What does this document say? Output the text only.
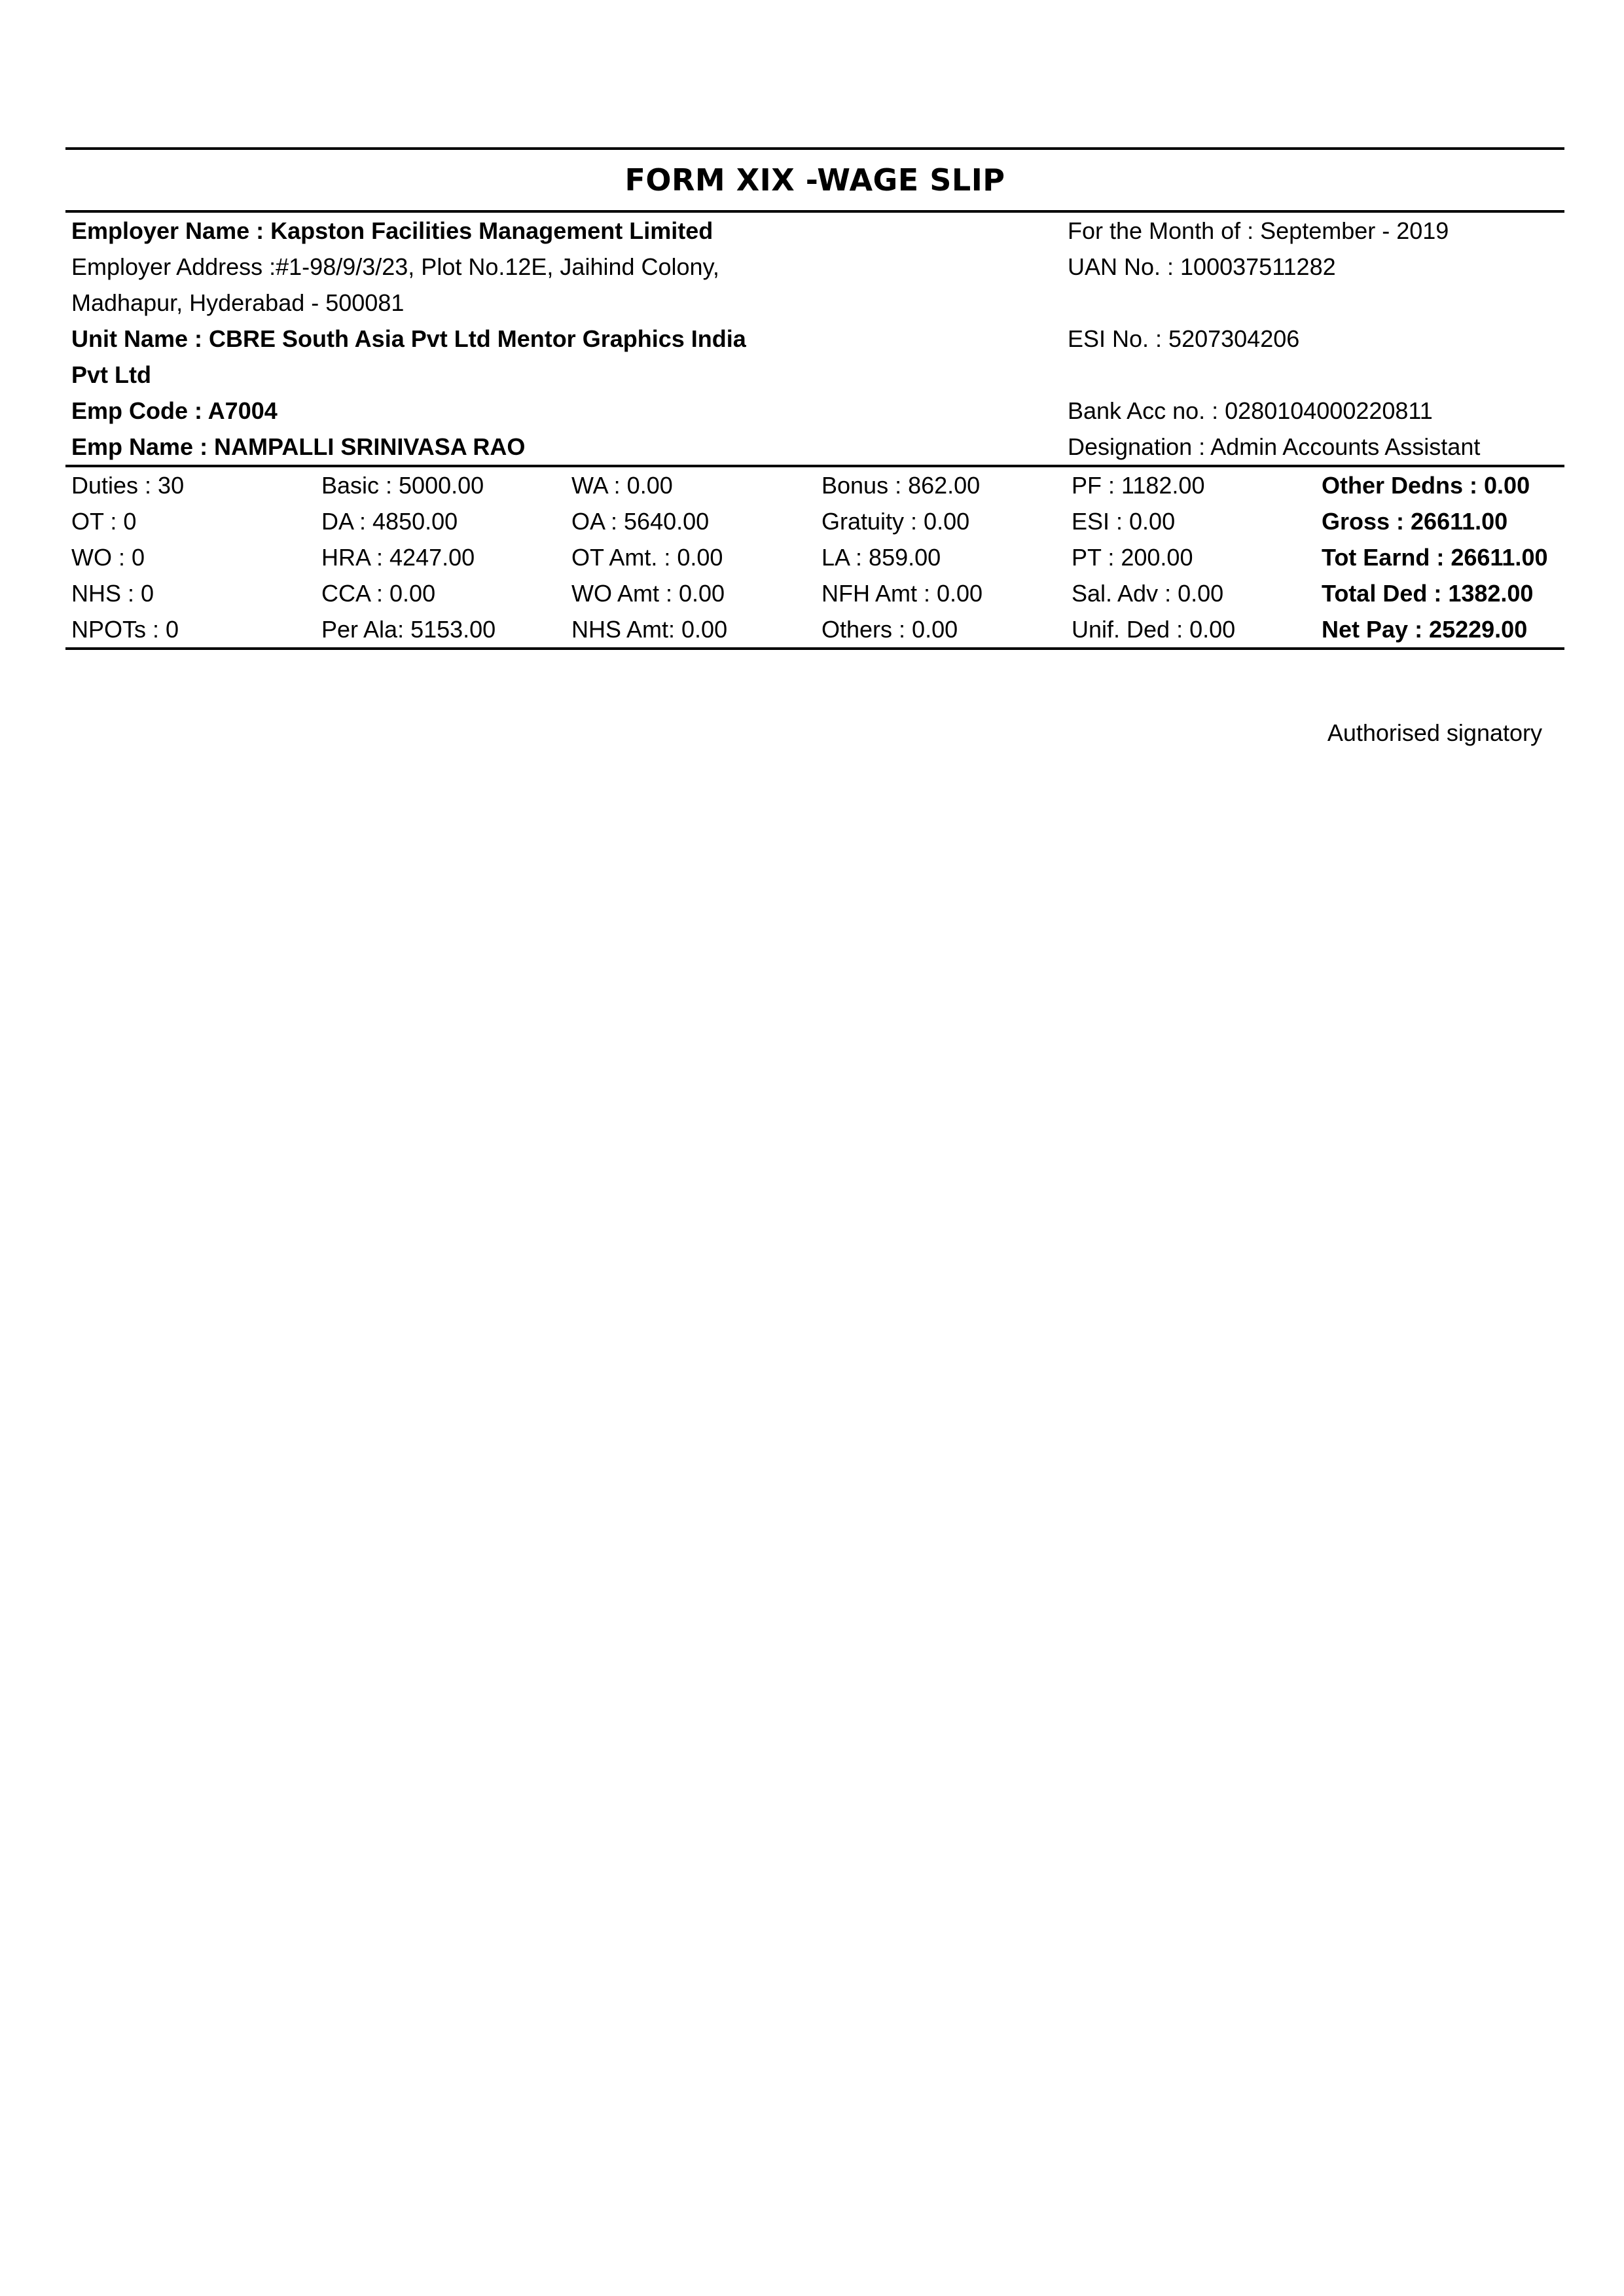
FORM XIX -WAGE SLIP
Employer Name : Kapston Facilities Management Limited	For the Month of : September - 2019
Employer Address :#1-98/9/3/23, Plot No.12E, Jaihind Colony,	UAN No. : 100037511282
Madhapur, Hyderabad - 500081
Unit Name : CBRE South Asia Pvt Ltd Mentor Graphics India	ESI No. : 5207304206
Pvt Ltd
Emp Code : A7004	Bank Acc no. : 0280104000220811
Emp Name : NAMPALLI SRINIVASA RAO	Designation : Admin Accounts Assistant
Duties : 30	Basic : 5000.00	WA : 0.00	Bonus : 862.00	PF : 1182.00	Other Dedns : 0.00
OT : 0	DA : 4850.00	OA : 5640.00	Gratuity : 0.00	ESI : 0.00	Gross : 26611.00
WO : 0	HRA : 4247.00	OT Amt. : 0.00	LA : 859.00	PT : 200.00	Tot Earnd : 26611.00
NHS : 0	CCA : 0.00	WO Amt : 0.00	NFH Amt : 0.00	Sal. Adv : 0.00	Total Ded : 1382.00
NPOTs : 0	Per Ala: 5153.00	NHS Amt: 0.00	Others : 0.00	Unif. Ded : 0.00	Net Pay : 25229.00
Authorised signatory
